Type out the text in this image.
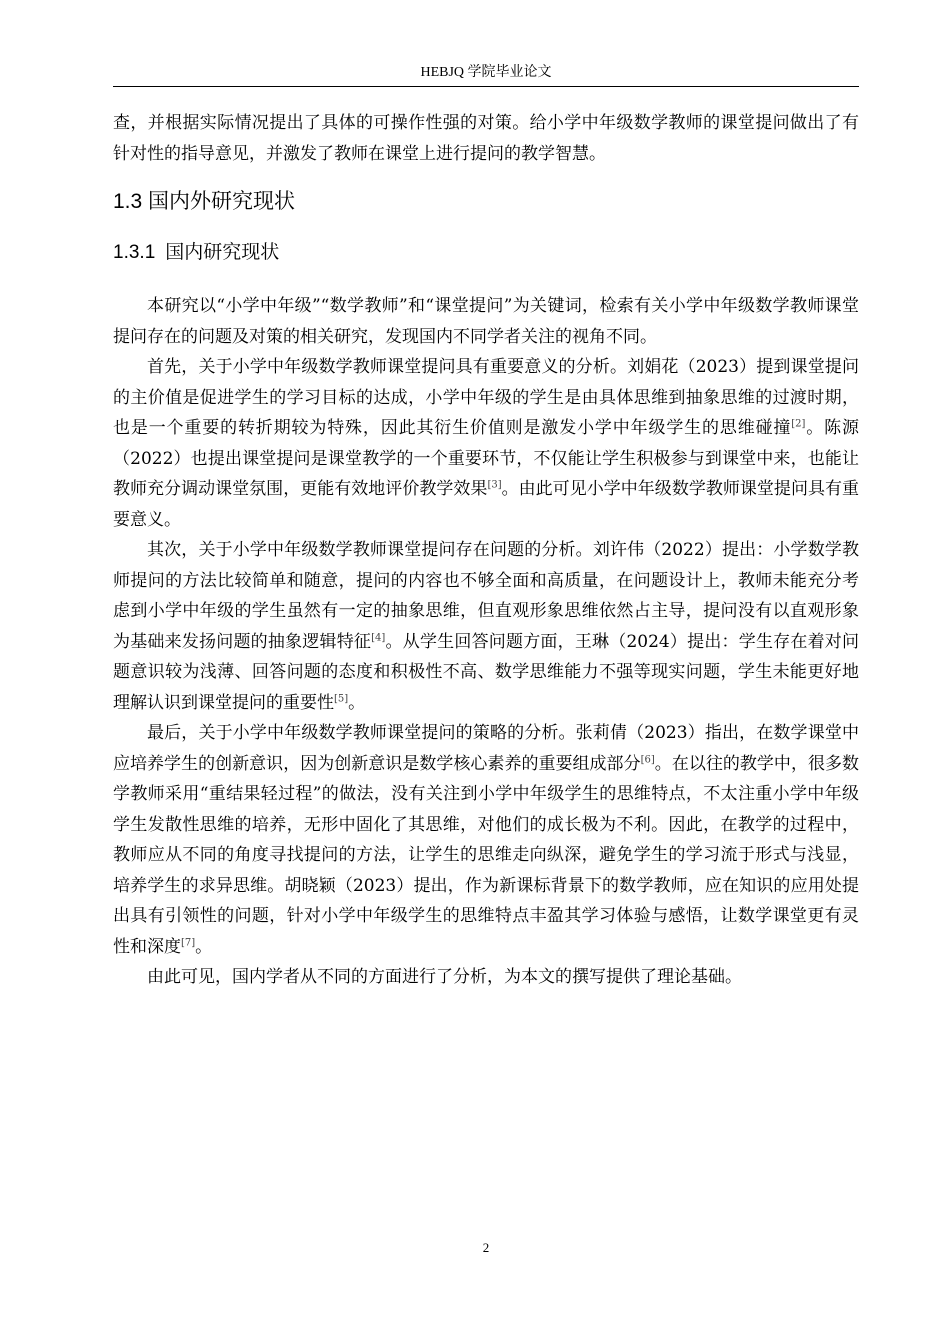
HEBJQ 学院毕业论文

查，并根据实际情况提出了具体的可操作性强的对策。给小学中年级数学教师的课堂提问做出了有针对性的指导意见，并激发了教师在课堂上进行提问的教学智慧。

1.3 国内外研究现状
1.3.1 国内研究现状

本研究以“小学中年级”“数学教师”和“课堂提问”为关键词，检索有关小学中年级数学教师课堂提问存在的问题及对策的相关研究，发现国内不同学者关注的视角不同。

首先，关于小学中年级数学教师课堂提问具有重要意义的分析。刘娟花（2023）提到课堂提问的主价值是促进学生的学习目标的达成，小学中年级的学生是由具体思维到抽象思维的过渡时期，也是一个重要的转折期较为特殊，因此其衍生价值则是激发小学中年级学生的思维碰撞[2]。陈源（2022）也提出课堂提问是课堂教学的一个重要环节，不仅能让学生积极参与到课堂中来，也能让教师充分调动课堂氛围，更能有效地评价教学效果[3]。由此可见小学中年级数学教师课堂提问具有重要意义。

其次，关于小学中年级数学教师课堂提问存在问题的分析。刘许伟（2022）提出：小学数学教师提问的方法比较简单和随意，提问的内容也不够全面和高质量，在问题设计上，教师未能充分考虑到小学中年级的学生虽然有一定的抽象思维，但直观形象思维依然占主导，提问没有以直观形象为基础来发扬问题的抽象逻辑特征[4]。从学生回答问题方面，王琳（2024）提出：学生存在着对问题意识较为浅薄、回答问题的态度和积极性不高、数学思维能力不强等现实问题，学生未能更好地理解认识到课堂提问的重要性[5]。

最后，关于小学中年级数学教师课堂提问的策略的分析。张莉倩（2023）指出，在数学课堂中应培养学生的创新意识，因为创新意识是数学核心素养的重要组成部分[6]。在以往的教学中，很多数学教师采用“重结果轻过程”的做法，没有关注到小学中年级学生的思维特点，不太注重小学中年级学生发散性思维的培养，无形中固化了其思维，对他们的成长极为不利。因此，在教学的过程中，教师应从不同的角度寻找提问的方法，让学生的思维走向纵深，避免学生的学习流于形式与浅显，培养学生的求异思维。胡晓颖（2023）提出，作为新课标背景下的数学教师，应在知识的应用处提出具有引领性的问题，针对小学中年级学生的思维特点丰盈其学习体验与感悟，让数学课堂更有灵性和深度[7]。

由此可见，国内学者从不同的方面进行了分析，为本文的撰写提供了理论基础。

2
